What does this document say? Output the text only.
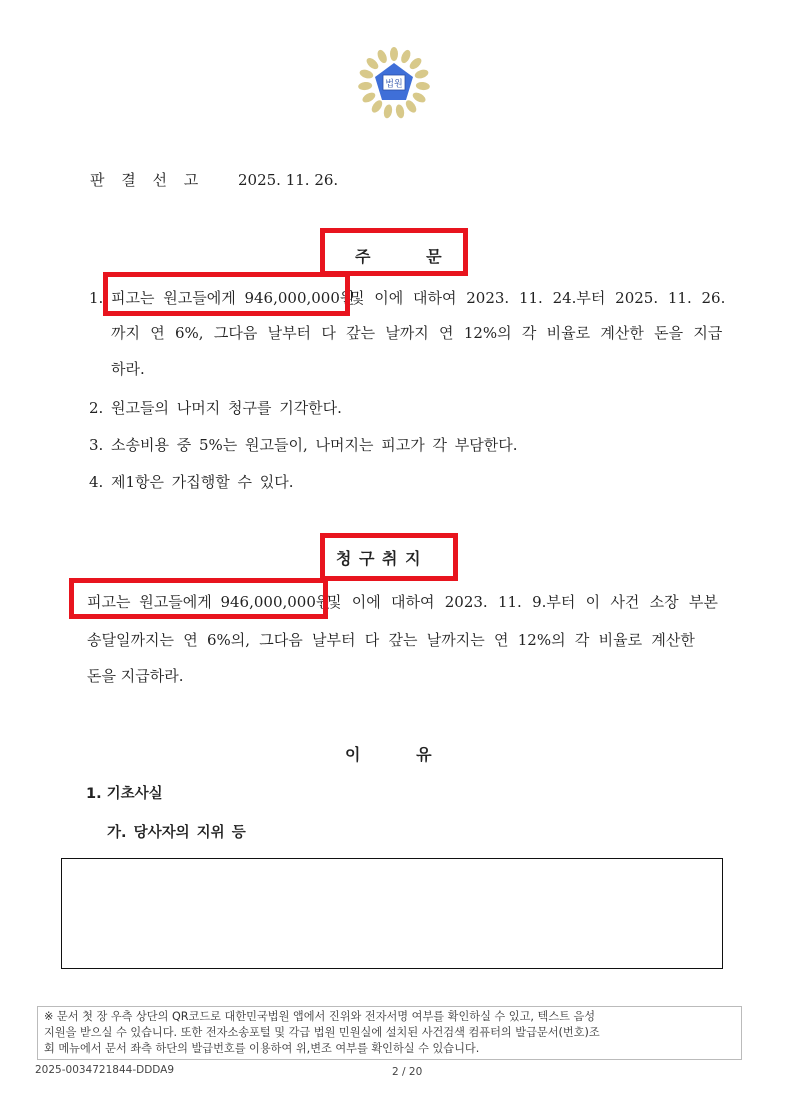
법원
판 결 선 고 2025. 11. 26.
주          문
1. 피고는 원고들에게 946,000,000원
및 이에 대하여 2023. 11. 24.부터 2025. 11. 26.
까지 연 6%, 그다음 날부터 다 갚는 날까지 연 12%의 각 비율로 계산한 돈을 지급
하라.
2. 원고들의 나머지 청구를 기각한다.
3. 소송비용 중 5%는 원고들이, 나머지는 피고가 각 부담한다.
4. 제1항은 가집행할 수 있다.
청 구 취 지
피고는 원고들에게 946,000,000원
및 이에 대하여 2023. 11. 9.부터 이 사건 소장 부본
송달일까지는 연 6%의, 그다음 날부터 다 갚는 날까지는 연 12%의 각 비율로 계산한
돈을 지급하라.
이          유
1. 기초사실
가. 당사자의 지위 등
※ 문서 첫 장 우측 상단의 QR코드로 대한민국법원 앱에서 진위와 전자서명 여부를 확인하실 수 있고, 텍스트 음성
지원을 받으실 수 있습니다. 또한 전자소송포털 및 각급 법원 민원실에 설치된 사건검색 컴퓨터의 발급문서(번호)조
회 메뉴에서 문서 좌측 하단의 발급번호를 이용하여 위,변조 여부를 확인하실 수 있습니다.
2025-0034721844-DDDA9	2 / 20
